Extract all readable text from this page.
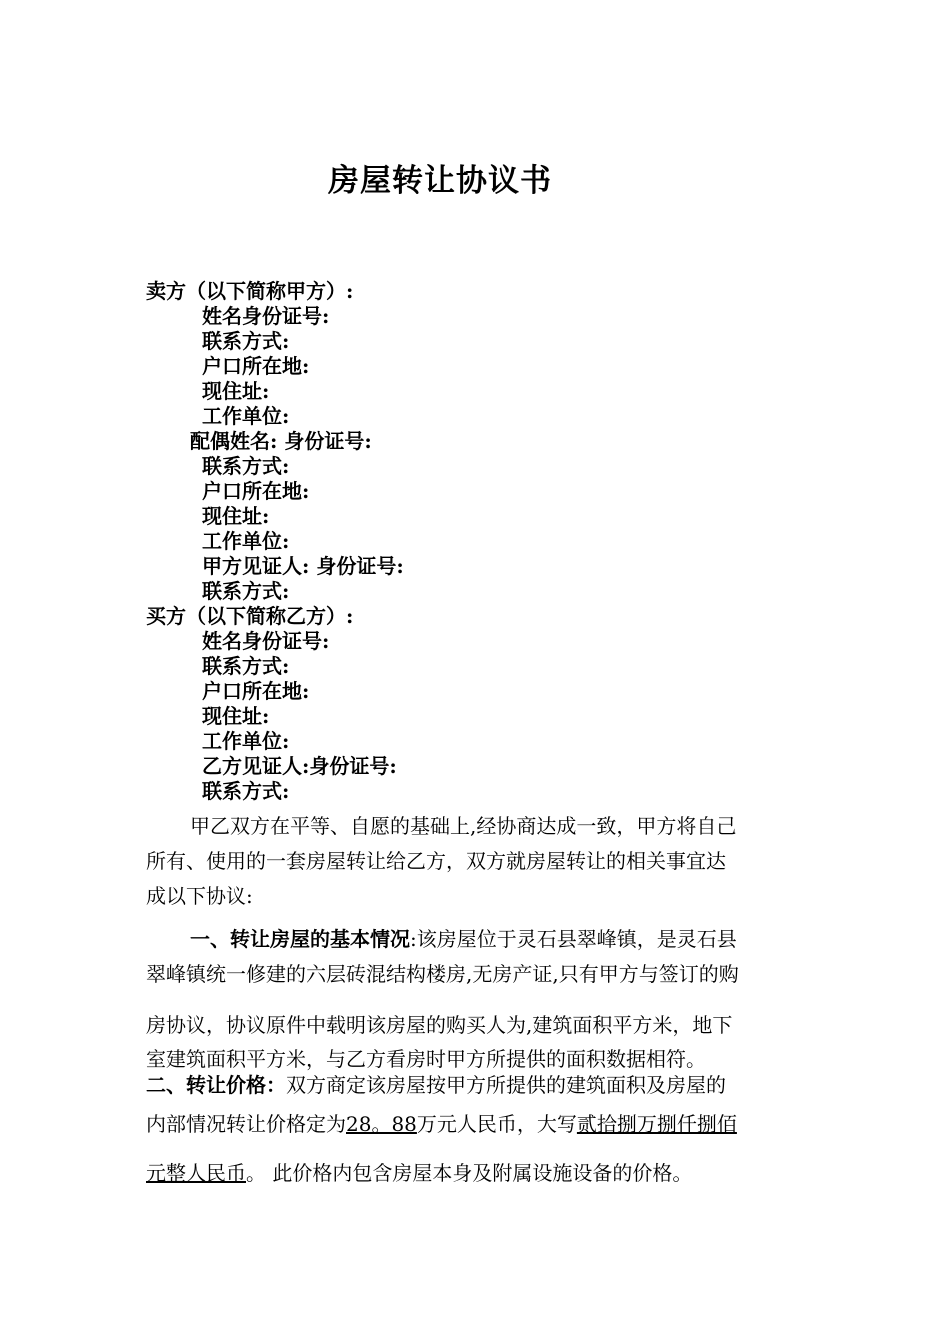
房屋转让协议书
卖方（以下简称甲方）:
姓名身份证号:
联系方式:
户口所在地:
现住址:
工作单位:
配偶姓名: 身份证号:
联系方式:
户口所在地:
现住址:
工作单位:
甲方见证人: 身份证号:
联系方式:
买方（以下简称乙方）:
姓名身份证号:
联系方式:
户口所在地:
现住址:
工作单位:
乙方见证人:身份证号:
联系方式:
甲乙双方在平等、自愿的基础上,经协商达成一致，甲方将自己
所有、使用的一套房屋转让给乙方，双方就房屋转让的相关事宜达
成以下协议:
一、转让房屋的基本情况:该房屋位于灵石县翠峰镇，是灵石县
翠峰镇统一修建的六层砖混结构楼房,无房产证,只有甲方与签订的购
房协议，协议原件中载明该房屋的购买人为,建筑面积平方米，地下
室建筑面积平方米，与乙方看房时甲方所提供的面积数据相符。
二、转让价格：双方商定该房屋按甲方所提供的建筑面积及房屋的
内部情况转让价格定为28。88万元人民币，大写贰拾捌万捌仟捌佰
元整人民币。 此价格内包含房屋本身及附属设施设备的价格。
